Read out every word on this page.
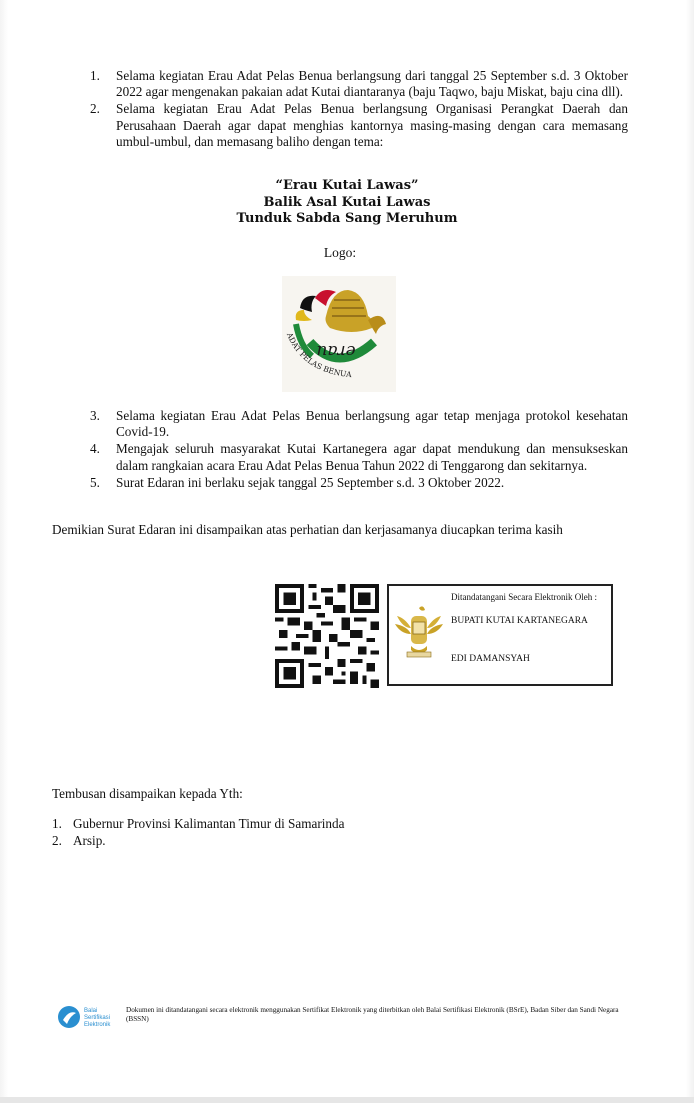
1.	Selama kegiatan Erau Adat Pelas Benua berlangsung dari tanggal 25 September s.d. 3 Oktober 2022 agar mengenakan pakaian adat Kutai diantaranya (baju Taqwo, baju Miskat, baju cina dll).
2.	Selama kegiatan Erau Adat Pelas Benua berlangsung Organisasi Perangkat Daerah dan Perusahaan Daerah agar dapat menghias kantornya masing-masing dengan cara memasang umbul-umbul, dan memasang baliho dengan tema:
“Erau Kutai Lawas”
Balik Asal Kutai Lawas
Tunduk Sabda Sang Meruhum
Logo:
erau
ADAT PELAS BENUA
3.	Selama kegiatan Erau Adat Pelas Benua berlangsung agar tetap menjaga protokol kesehatan Covid-19.
4.	Mengajak seluruh masyarakat Kutai Kartanegera agar dapat mendukung dan mensukseskan dalam rangkaian acara Erau Adat Pelas Benua Tahun 2022 di Tenggarong dan sekitarnya.
5.	Surat Edaran ini berlaku sejak tanggal 25 September s.d. 3 Oktober 2022.
Demikian Surat Edaran ini disampaikan atas perhatian dan kerjasamanya diucapkan terima kasih
Ditandatangani Secara Elektronik Oleh :
BUPATI KUTAI KARTANEGARA
EDI DAMANSYAH
Tembusan disampaikan kepada Yth:
1. Gubernur Provinsi Kalimantan Timur di Samarinda
2. Arsip.
Balai
Sertifikasi
Elektronik
Dokumen ini ditandatangani secara elektronik menggunakan Sertifikat Elektronik yang diterbitkan oleh Balai Sertifikasi Elektronik (BSrE), Badan Siber dan Sandi Negara (BSSN)
